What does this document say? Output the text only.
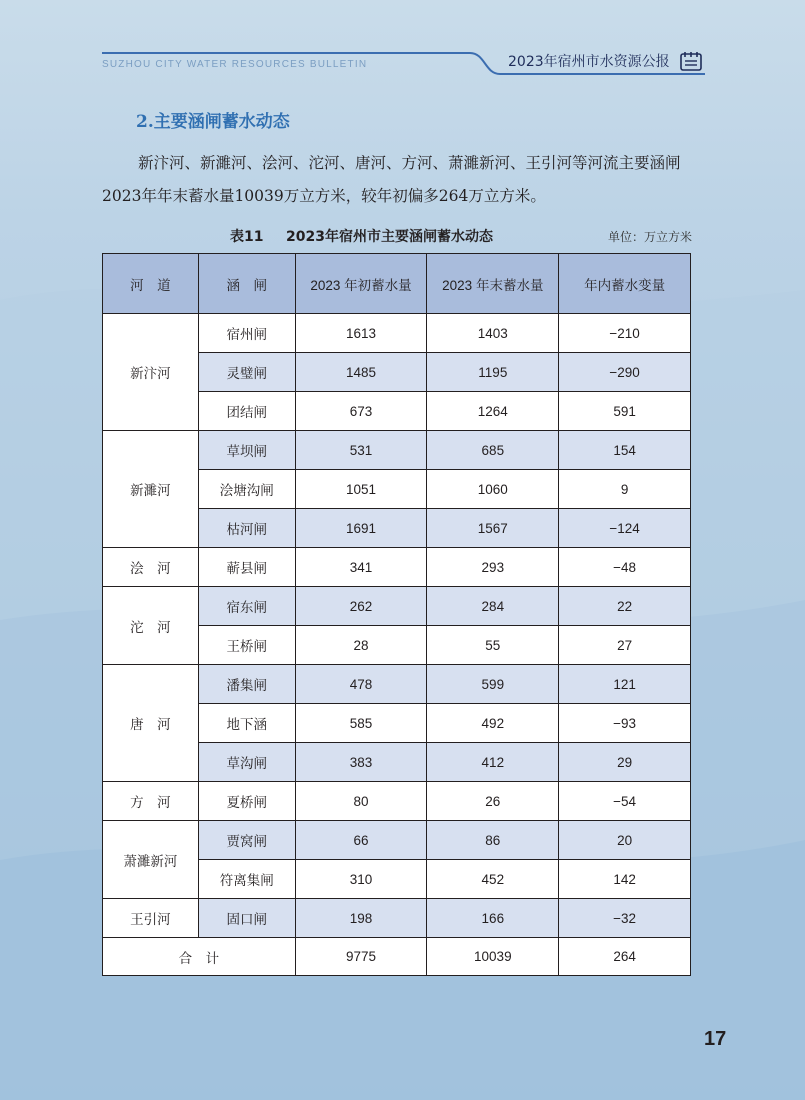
SUZHOU CITY WATER RESOURCES BULLETIN	2023年宿州市水资源公报
2.主要涵闸蓄水动态
新汴河、新濉河、浍河、沱河、唐河、方河、萧濉新河、王引河等河流主要涵闸
2023年年末蓄水量10039万立方米，较年初偏多264万立方米。
表11 2023年宿州市主要涵闸蓄水动态	单位：万立方米
河　道	涵　闸	2023 年初蓄水量	2023 年末蓄水量	年内蓄水变量
新汴河	宿州闸	1613	1403	−210
	灵璧闸	1485	1195	−290
	团结闸	673	1264	591
新濉河	草坝闸	531	685	154
	浍塘沟闸	1051	1060	9
	枯河闸	1691	1567	−124
浍　河	蕲县闸	341	293	−48
沱　河	宿东闸	262	284	22
	王桥闸	28	55	27
唐　河	潘集闸	478	599	121
	地下涵	585	492	−93
	草沟闸	383	412	29
方　河	夏桥闸	80	26	−54
萧濉新河	贾窝闸	66	86	20
	符离集闸	310	452	142
王引河	固口闸	198	166	−32
合　计		9775	10039	264
17
